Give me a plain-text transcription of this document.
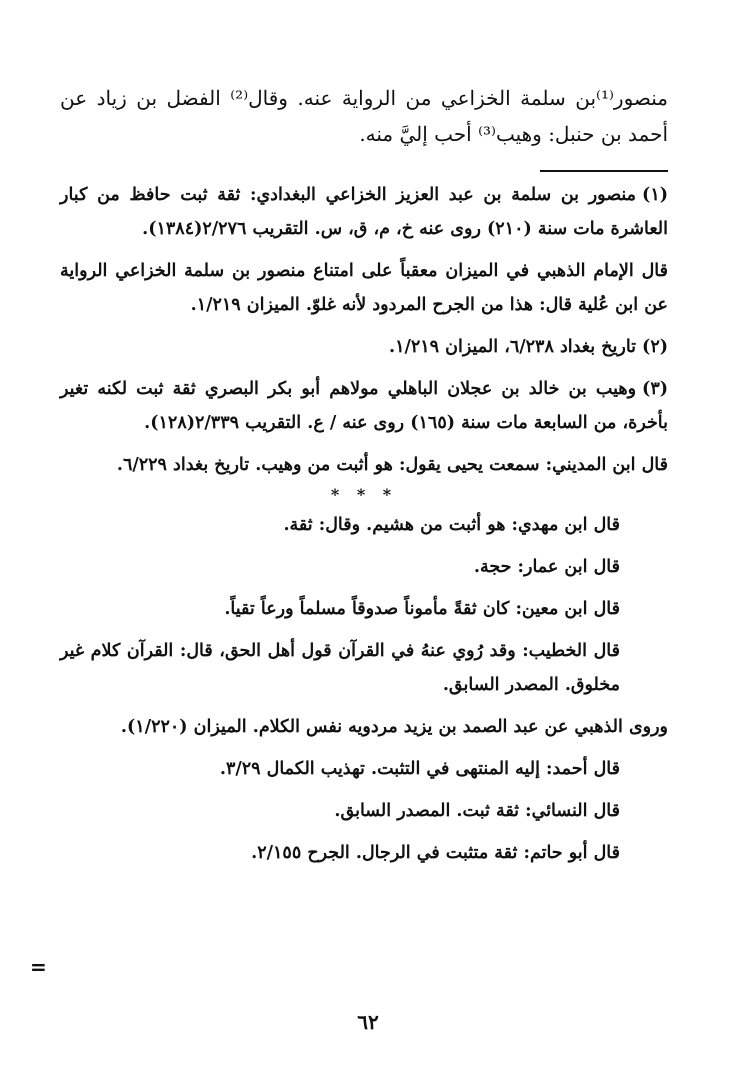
منصور⁽¹⁾بن سلمة الخزاعي من الرواية عنه. وقال⁽²⁾ الفضل بن زياد عن أحمد بن حنبل: وهيب⁽³⁾ أحب إليَّ منه.

(١)منصور بن سلمة بن عبد العزيز الخزاعي البغدادي: ثقة ثبت حافظ من كبار العاشرة مات سنة (٢١٠) روى عنه خ، م، ق، س. التقريب ٢/٢٧٦(١٣٨٤).

قال الإمام الذهبي في الميزان معقباً على امتناع منصور بن سلمة الخزاعي الرواية عن ابن عُلية قال: هذا من الجرح المردود لأنه غلوّ. الميزان ١/٢١٩.

(٢)تاريخ بغداد ٦/٢٣٨، الميزان ١/٢١٩.

(٣)وهيب بن خالد بن عجلان الباهلي مولاهم أبو بكر البصري ثقة ثبت لكنه تغير بأخرة، من السابعة مات سنة (١٦٥) روى عنه / ع. التقريب ٢/٣٣٩(١٢٨).

قال ابن المديني: سمعت يحيى يقول: هو أثبت من وهيب. تاريخ بغداد ٦/٢٢٩.

* * *

قال ابن مهدي: هو أثبت من هشيم. وقال: ثقة.

قال ابن عمار: حجة.

قال ابن معين: كان ثقةً مأموناً صدوقاً مسلماً ورعاً تقياً.

قال الخطيب: وقد رُوي عنهُ في القرآن قول أهل الحق، قال: القرآن كلام غير مخلوق. المصدر السابق.

وروى الذهبي عن عبد الصمد بن يزيد مردويه نفس الكلام. الميزان (١/٢٢٠).

قال أحمد: إليه المنتهى في التثبت. تهذيب الكمال ٣/٢٩.

قال النسائي: ثقة ثبت. المصدر السابق.

قال أبو حاتم: ثقة متثبت في الرجال. الجرح ٢/١٥٥.

=
٦٢
